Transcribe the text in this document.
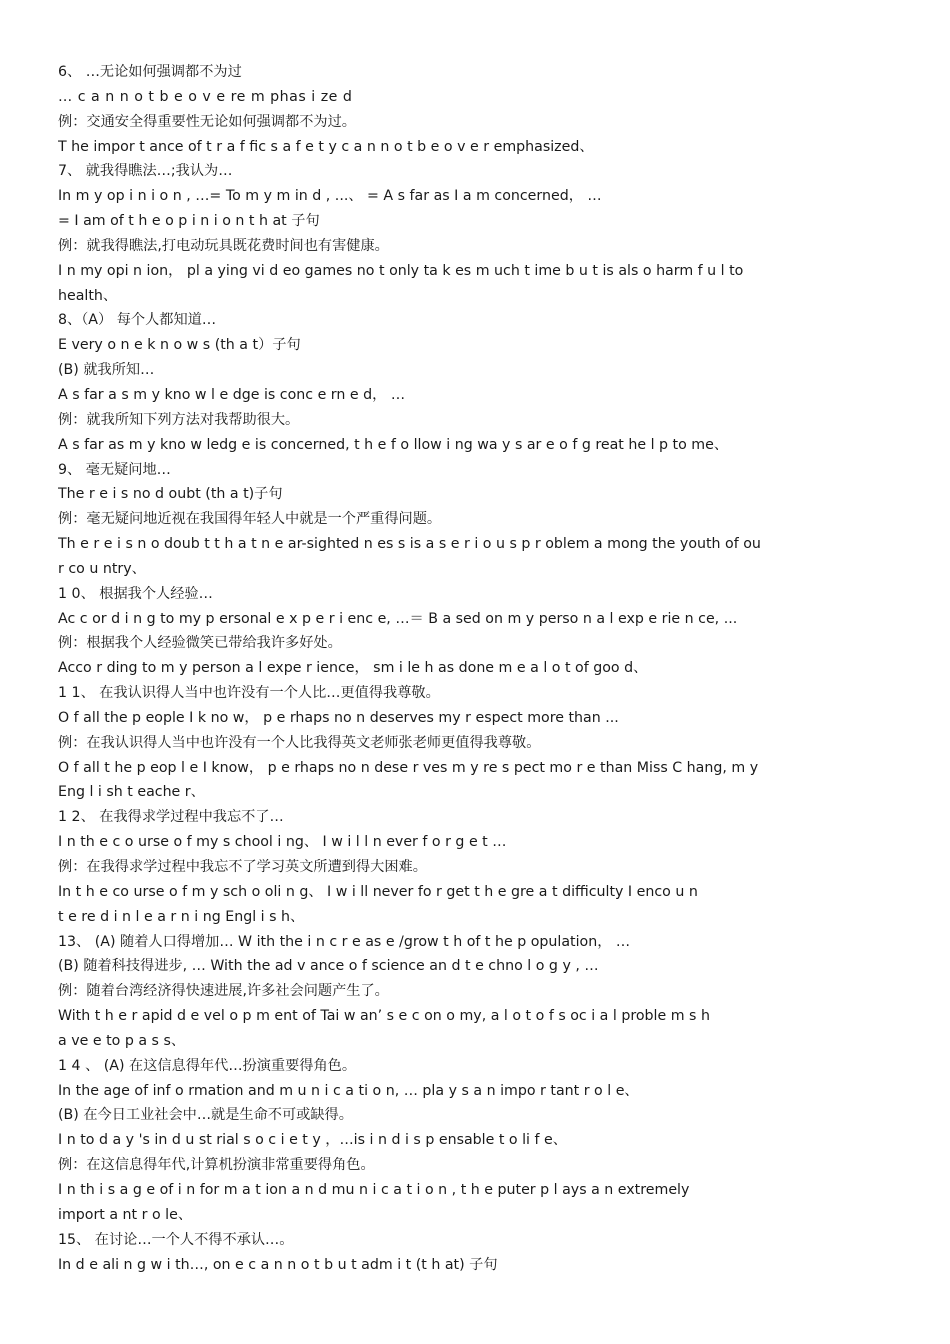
6、 …无论如何强调都不为过
… c a n n o t b e o v e re m phas i ze d
例：交通安全得重要性无论如何强调都不为过。
T he impor t ance of t r a f fic s a f e t y c a n n o t b e o v e r emphasized、
7、 就我得瞧法…;我认为…
In m y op i n i o n , …= To m y m in d , ...、 = A s far as I a m concerned， …
= I am of t h e o p i n i o n t h at 子句
例：就我得瞧法,打电动玩具既花费时间也有害健康。
I n my opi n ion， pl a ying vi d eo games no t only ta k es m uch t ime b u t is als o harm f u l to
health、
8、（A） 每个人都知道…
E very o n e k n o w s (th a t）子句
(B) 就我所知…
A s far a s m y kno w l e dge is conc e rn e d， …
例：就我所知下列方法对我帮助很大。
A s far as m y kno w ledg e is concerned, t h e f o llow i ng wa y s ar e o f g reat he l p to me、
9、 毫无疑问地…
The r e i s no d oubt (th a t)子句
例：毫无疑问地近视在我国得年轻人中就是一个严重得问题。
Th e r e i s n o doub t t h a t n e ar-sighted n es s is a s e r i o u s p r oblem a mong the youth of ou
r co u ntry、
1 0、 根据我个人经验…
Ac c or d i n g to my p ersonal e x p e r i enc e, …＝ B a sed on m y perso n a l exp e rie n ce, ...
例：根据我个人经验微笑已带给我许多好处。
Acco r ding to m y person a l expe r ience， sm i le h as done m e a l o t of goo d、
1 1、 在我认识得人当中也许没有一个人比…更值得我尊敬。
O f all the p eople I k no w， p e rhaps no n deserves my r espect more than ...
例：在我认识得人当中也许没有一个人比我得英文老师张老师更值得我尊敬。
O f all t he p eop l e I know， p e rhaps no n dese r ves m y re s pect mo r e than Miss C hang, m y
Eng l i sh t eache r、
1 2、 在我得求学过程中我忘不了…
I n th e c o urse o f my s chool i ng、 I w i l l n ever f o r g e t …
例：在我得求学过程中我忘不了学习英文所遭到得大困难。
In t h e co urse o f m y sch o oli n g、 I w i ll never fo r get t h e gre a t difficulty I enco u n
t e re d i n l e a r n i ng Engl i s h、
13、 (A) 随着人口得增加… W ith the i n c r e as e /grow t h of t he p opulation， …
(B) 随着科技得进步, … With the ad v ance o f science an d t e chno l o g y , …
例：随着台湾经济得快速进展,许多社会问题产生了。
With t h e r apid d e vel o p m ent of Tai w an’ s e c on o my, a l o t o f s oc i a l proble m s h
a ve e to p a s s、
1 4 、 (A) 在这信息得年代…扮演重要得角色。
In the age of inf o rmation and m u n i c a ti o n, … pla y s a n impo r tant r o l e、
(B) 在今日工业社会中…就是生命不可或缺得。
I n to d a y 's in d u st rial s o c i e t y ，…is i n d i s p ensable t o li f e、
例：在这信息得年代,计算机扮演非常重要得角色。
I n th i s a g e of i n for m a t ion a n d mu n i c a t i o n , t h e puter p l ays a n extremely
import a nt r o le、
15、 在讨论…一个人不得不承认…。
In d e ali n g w i th…, on e c a n n o t b u t adm i t (t h at) 子句
